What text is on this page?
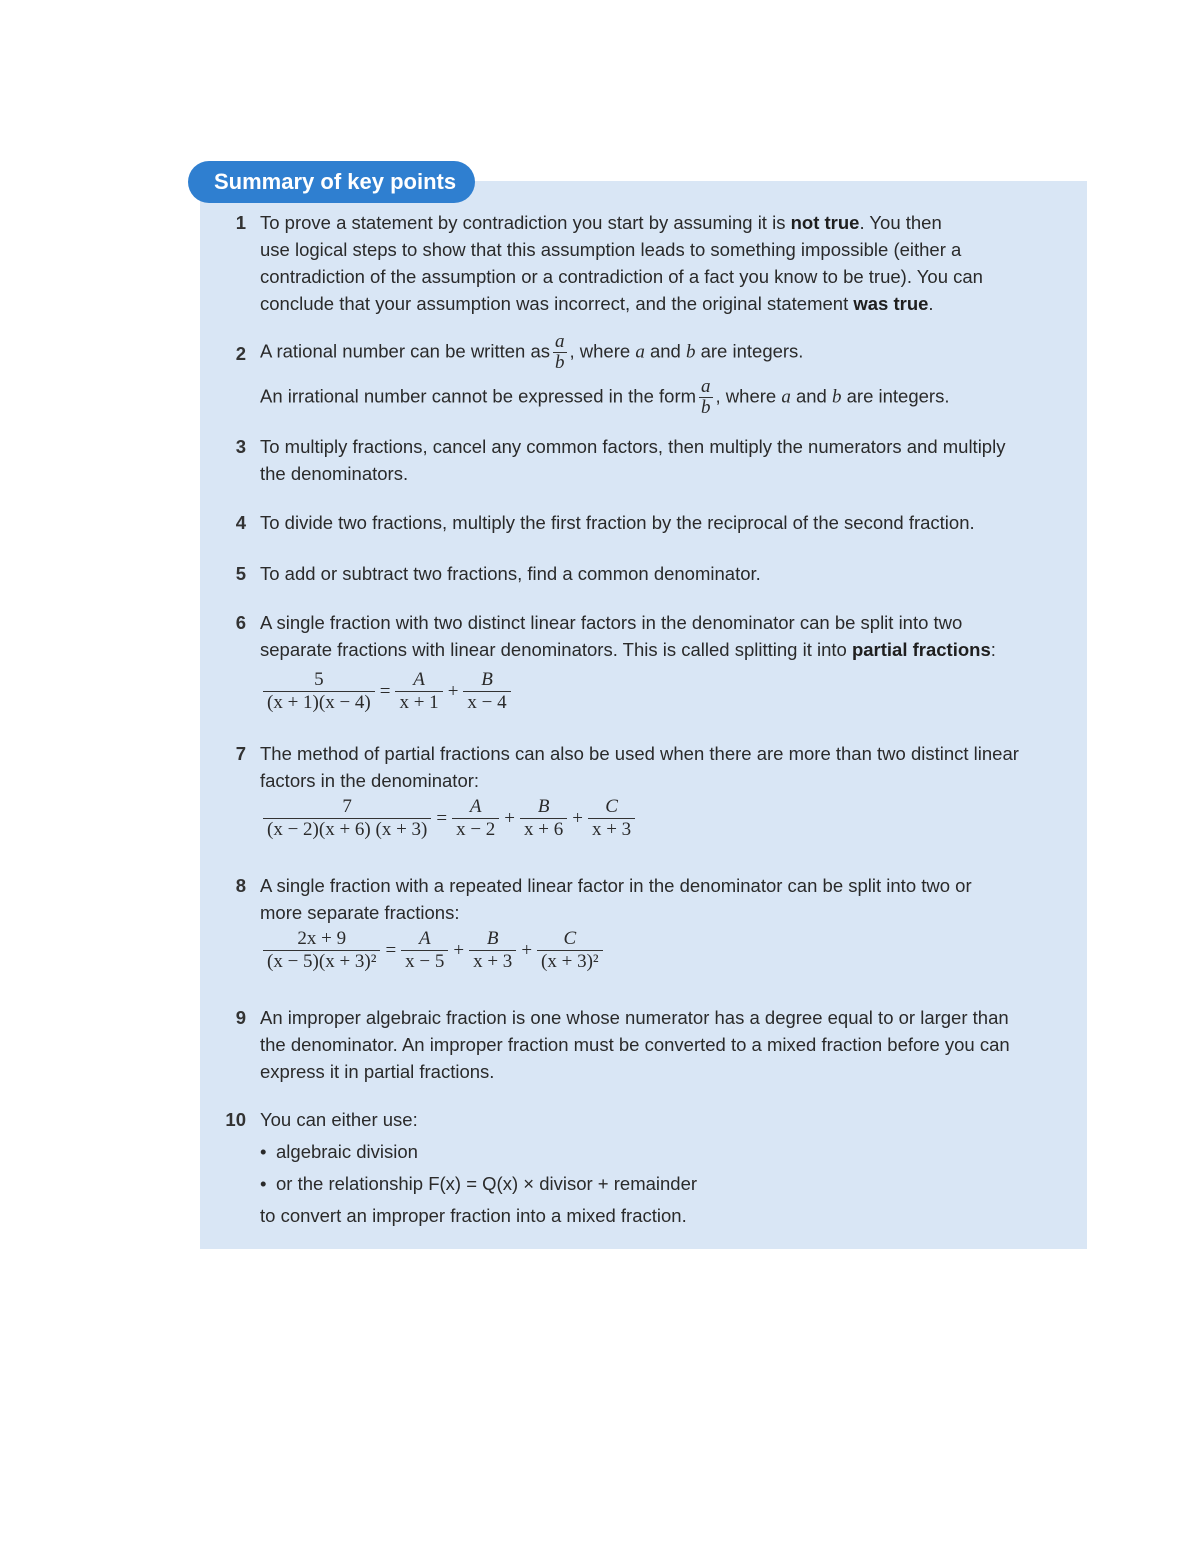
Summary of key points
1 To prove a statement by contradiction you start by assuming it is not true. You then
use logical steps to show that this assumption leads to something impossible (either a
contradiction of the assumption or a contradiction of a fact you know to be true). You can
conclude that your assumption was incorrect, and the original statement was true.
2 A rational number can be written as $\frac{a}{b}$ , where a and b are integers.
An irrational number cannot be expressed in the form $\frac{a}{b}$ , where a and b are integers.
3 To multiply fractions, cancel any common factors, then multiply the numerators and multiply
the denominators.
4 To divide two fractions, multiply the first fraction by the reciprocal of the second fraction.
5 To add or subtract two fractions, find a common denominator.
6 A single fraction with two distinct linear factors in the denominator can be split into two
separate fractions with linear denominators. This is called splitting it into partial fractions:
$\frac{5}{(x + 1)(x - 4)} = \frac{A}{x + 1} + \frac{B}{x - 4}$
7 The method of partial fractions can also be used when there are more than two distinct linear
factors in the denominator:
$\frac{7}{(x - 2)(x + 6) (x + 3)} = \frac{A}{x - 2} + \frac{B}{x + 6} + \frac{C}{x + 3}$
8 A single fraction with a repeated linear factor in the denominator can be split into two or
more separate fractions:
$\frac{2x + 9}{\text{(x − 5)(x + 3)²}} = \frac{A}{x - 5} + \frac{B}{x + 3} + \frac{C}{\text{(x + 3)²}}$
9 An improper algebraic fraction is one whose numerator has a degree equal to or larger than
the denominator. An improper fraction must be converted to a mixed fraction before you can
express it in partial fractions.
10 You can either use:
• algebraic division
• or the relationship F(x) = Q(x) × divisor + remainder
to convert an improper fraction into a mixed fraction.
